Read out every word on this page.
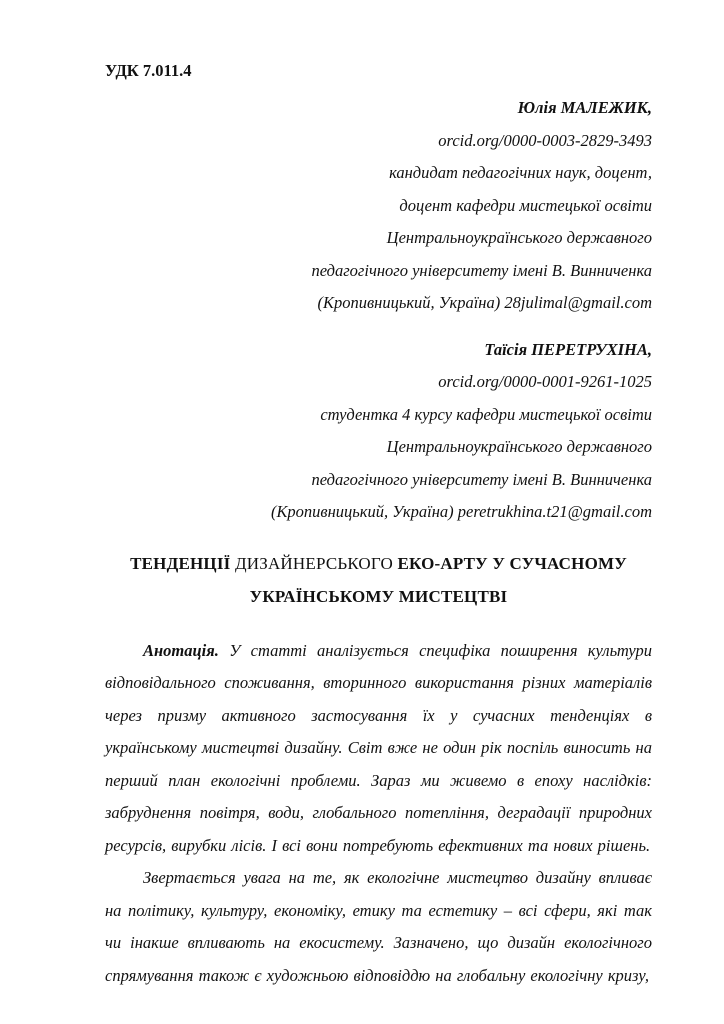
УДК 7.011.4
Юлія МАЛЕЖИК,
orcid.org/0000-0003-2829-3493
кандидат педагогічних наук, доцент,
доцент кафедри мистецької освіти
Центральноукраїнського державного
педагогічного університету імені В. Винниченка
(Кропивницький, Україна) 28julimal@gmail.com
Таїсія ПЕРЕТРУХІНА,
orcid.org/0000-0001-9261-1025
студентка 4 курсу кафедри мистецької освіти
Центральноукраїнського державного
педагогічного університету імені В. Винниченка
(Кропивницький, Україна) peretrukhina.t21@gmail.com
ТЕНДЕНЦІЇ ДИЗАЙНЕРСЬКОГО ЕКО-АРТУ У СУЧАСНОМУ
УКРАЇНСЬКОМУ МИСТЕЦТВІ

Анотація. У статті аналізується специфіка поширення культури відповідального споживання, вторинного використання різних матеріалів через призму активного застосування їх у сучасних тенденціях в українському мистецтві дизайну. Світ вже не один рік поспіль виносить на перший план екологічні проблеми. Зараз ми живемо в епоху наслідків: забруднення повітря, води, глобального потепління, деградації природних ресурсів, вирубки лісів. І всі вони потребують ефективних та нових рішень.

Звертається увага на те, як екологічне мистецтво дизайну впливає на політику, культуру, економіку, етику та естетику – всі сфери, які так чи інакше впливають на екосистему. Зазначено, що дизайн екологічного спрямування також є художньою відповіддю на глобальну екологічну кризу,
